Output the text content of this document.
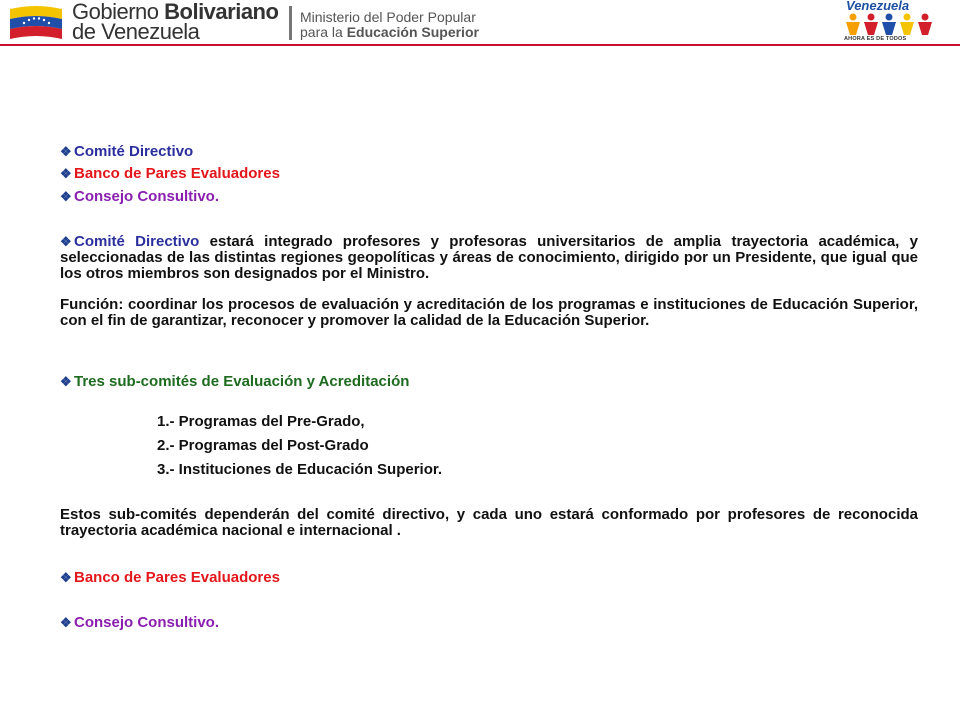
Gobierno Bolivariano
de Venezuela
Ministerio del Poder Popular
para la Educación Superior
Venezuela
AHORA ES DE TODOS
❖ Comité Directivo
❖ Banco de Pares Evaluadores
❖ Consejo Consultivo.
❖ Comité Directivo estará integrado profesores y profesoras universitarios de amplia trayectoria académica, y seleccionadas de las distintas regiones geopolíticas y áreas de conocimiento, dirigido por un Presidente, que igual que los otros miembros son designados por el Ministro.
Función: coordinar los procesos de evaluación y acreditación de los programas e instituciones de Educación Superior, con el fin de garantizar, reconocer y promover la calidad de la Educación Superior.
❖ Tres sub-comités de Evaluación y Acreditación
1.- Programas del Pre-Grado,
2.- Programas del Post-Grado
3.- Instituciones de Educación Superior.
Estos sub-comités dependerán del comité directivo, y cada uno estará conformado por profesores de reconocida trayectoria académica nacional e internacional .
❖ Banco de Pares Evaluadores
❖ Consejo Consultivo.
